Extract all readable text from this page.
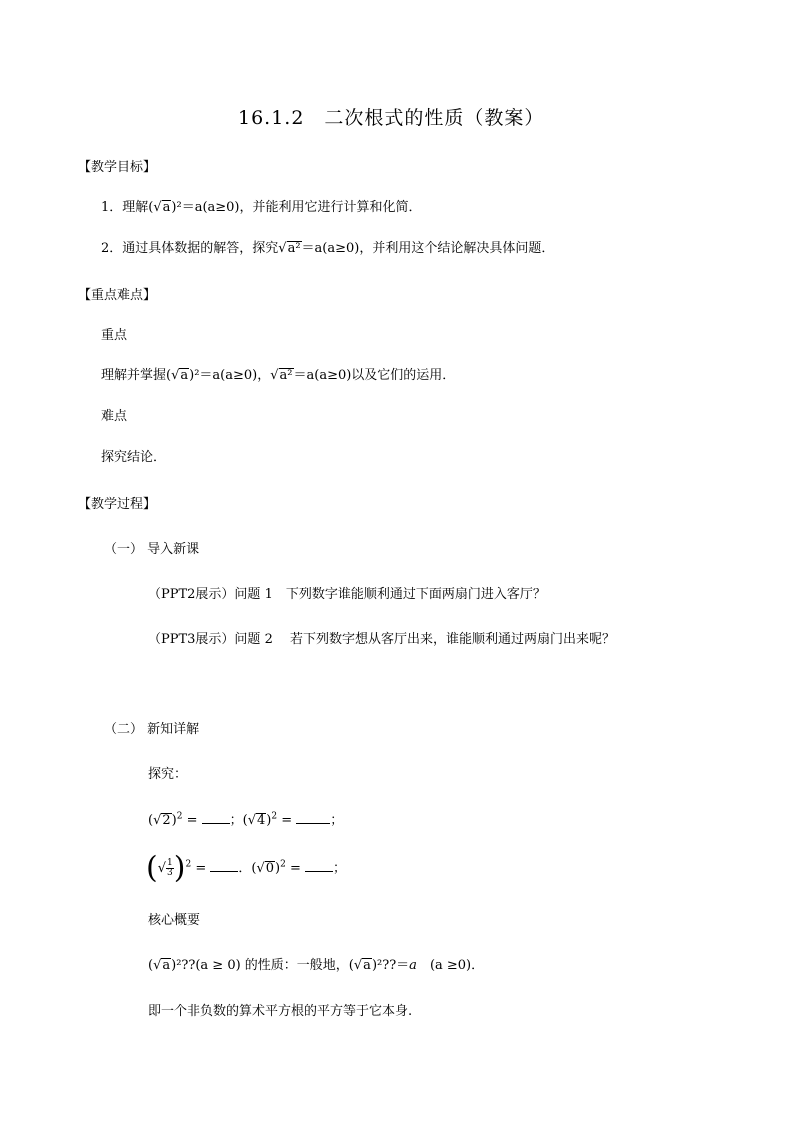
16.1.2　二次根式的性质（教案）
【教学目标】
1．理解(√a)²＝a(a≥0)，并能利用它进行计算和化简．
2．通过具体数据的解答，探究√a²＝a(a≥0)，并利用这个结论解决具体问题．
【重点难点】
重点
理解并掌握(√a)²＝a(a≥0)，√a²＝a(a≥0)以及它们的运用．
难点
探究结论．
【教学过程】
（一） 导入新课
（PPT2展示）问题 1　下列数字谁能顺利通过下面两扇门进入客厅？
（PPT3展示）问题 2　 若下列数字想从客厅出来，谁能顺利通过两扇门出来呢？
（二） 新知详解
探究：
$(√2)^2$ = ；$(√4)^2$ =	；
(√ $\frac{1}{3} )^2$ = ．$(√0)^2$ = ；
核心概要
(√a)²??(a ≥ 0) 的性质：一般地，(√a)²??＝a　(a ≥0)．
即一个非负数的算术平方根的平方等于它本身.
